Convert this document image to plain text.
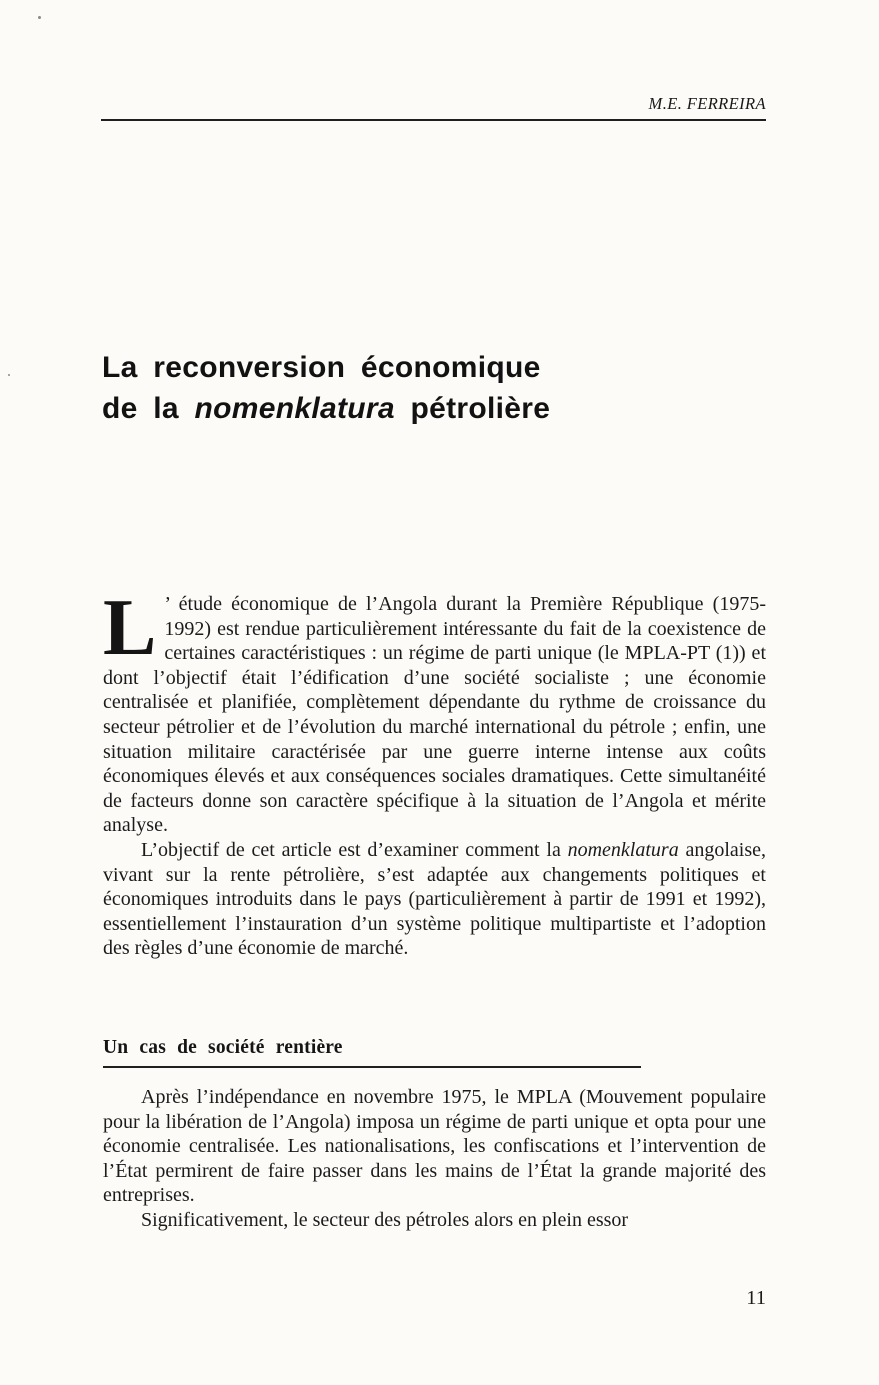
M.E. FERREIRA
La reconversion économique
de la nomenklatura pétrolière

L ’ étude économique de l’Angola durant la Première République (1975-1992) est rendue particulièrement intéressante du fait de la coexistence de certaines caractéristiques : un régime de parti unique (le MPLA-PT (1)) et dont l’objectif était l’édification d’une société socialiste ; une économie centralisée et planifiée, complètement dépendante du rythme de croissance du secteur pétrolier et de l’évolution du marché international du pétrole ; enfin, une situation militaire caractérisée par une guerre interne intense aux coûts économiques élevés et aux conséquences sociales dramatiques. Cette simultanéité de facteurs donne son caractère spécifique à la situation de l’Angola et mérite analyse.

L’objectif de cet article est d’examiner comment la nomenklatura angolaise, vivant sur la rente pétrolière, s’est adaptée aux changements politiques et économiques introduits dans le pays (particulièrement à partir de 1991 et 1992), essentiellement l’instauration d’un système politique multipartiste et l’adoption des règles d’une économie de marché.

Un cas de société rentière

Après l’indépendance en novembre 1975, le MPLA (Mouvement populaire pour la libération de l’Angola) imposa un régime de parti unique et opta pour une économie centralisée. Les nationalisations, les confiscations et l’intervention de l’État permirent de faire passer dans les mains de l’État la grande majorité des entreprises.

Significativement, le secteur des pétroles alors en plein essor

11
